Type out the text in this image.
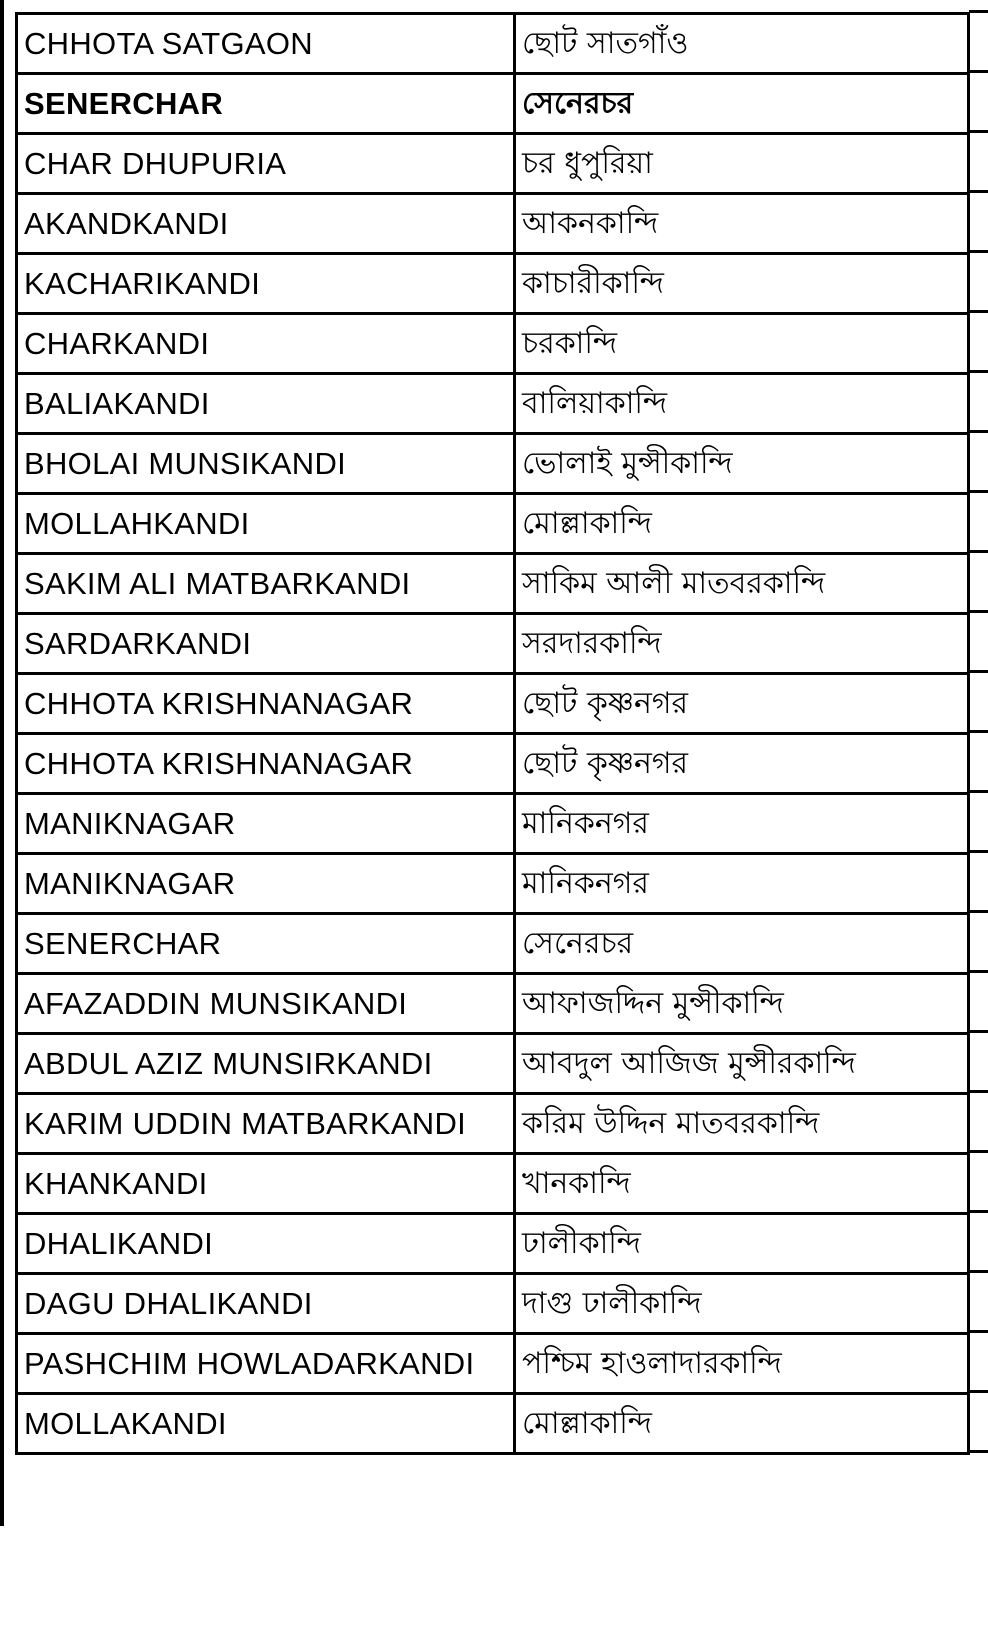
CHHOTA SATGAON	ছোট সাতগাঁও
SENERCHAR	সেনেরচর
CHAR DHUPURIA	চর ধুপুরিয়া
AKANDKANDI	আকনকান্দি
KACHARIKANDI	কাচারীকান্দি
CHARKANDI	চরকান্দি
BALIAKANDI	বালিয়াকান্দি
BHOLAI MUNSIKANDI	ভোলাই মুন্সীকান্দি
MOLLAHKANDI	মোল্লাকান্দি
SAKIM ALI MATBARKANDI	সাকিম আলী মাতবরকান্দি
SARDARKANDI	সরদারকান্দি
CHHOTA KRISHNANAGAR	ছোট কৃষ্ণনগর
CHHOTA KRISHNANAGAR	ছোট কৃষ্ণনগর
MANIKNAGAR	মানিকনগর
MANIKNAGAR	মানিকনগর
SENERCHAR	সেনেরচর
AFAZADDIN MUNSIKANDI	আফাজদ্দিন মুন্সীকান্দি
ABDUL AZIZ MUNSIRKANDI	আবদুল আজিজ মুন্সীরকান্দি
KARIM UDDIN MATBARKANDI	করিম উদ্দিন মাতবরকান্দি
KHANKANDI	খানকান্দি
DHALIKANDI	ঢালীকান্দি
DAGU DHALIKANDI	দাগু ঢালীকান্দি
PASHCHIM HOWLADARKANDI	পশ্চিম হাওলাদারকান্দি
MOLLAKANDI	মোল্লাকান্দি
